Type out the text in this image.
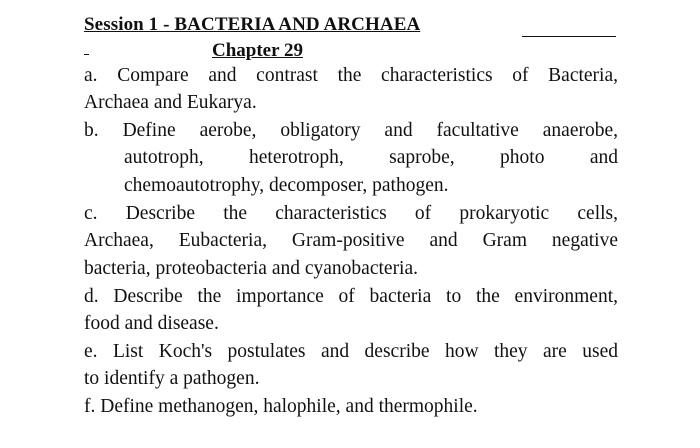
Session 1 - BACTERIA AND ARCHAEA
Chapter 29
a. Compare and contrast the characteristics of Bacteria,
Archaea and Eukarya.
b. Define aerobe, obligatory and facultative anaerobe,
autotroph, heterotroph, saprobe, photo and
chemoautotrophy, decomposer, pathogen.
c. Describe the characteristics of prokaryotic cells,
Archaea, Eubacteria, Gram-positive and Gram negative
bacteria, proteobacteria and cyanobacteria.
d. Describe the importance of bacteria to the environment,
food and disease.
e. List Koch's postulates and describe how they are used
to identify a pathogen.
f. Define methanogen, halophile, and thermophile.
